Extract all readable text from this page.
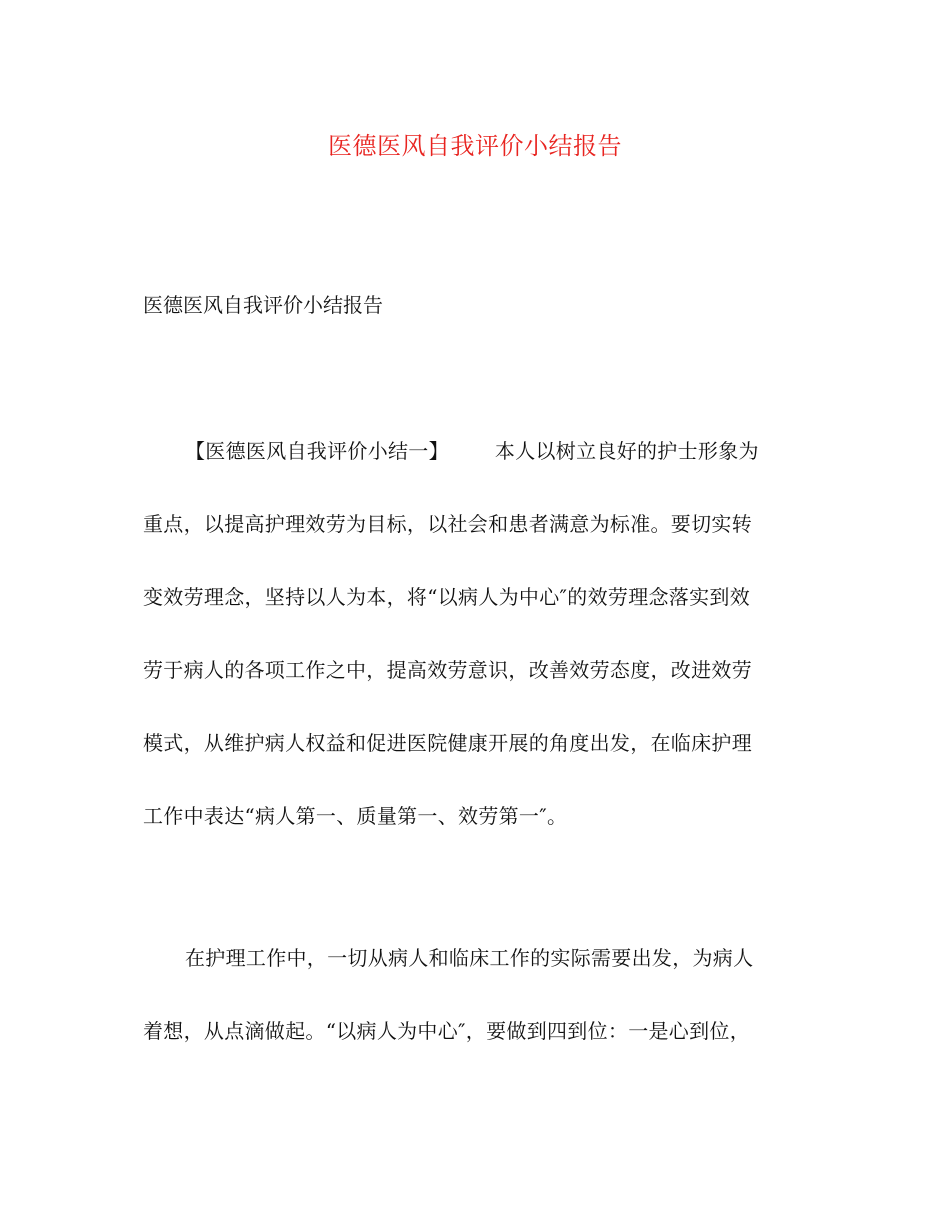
医德医风自我评价小结报告
医德医风自我评价小结报告
【医德医风自我评价小结一】 本人以树立良好的护士形象为
重点，以提高护理效劳为目标，以社会和患者满意为标准。要切实转
变效劳理念，坚持以人为本，将“以病人为中心″的效劳理念落实到效
劳于病人的各项工作之中，提高效劳意识，改善效劳态度，改进效劳
模式，从维护病人权益和促进医院健康开展的角度出发，在临床护理
工作中表达“病人第一、质量第一、效劳第一″。
在护理工作中，一切从病人和临床工作的实际需要出发，为病人
着想，从点滴做起。“以病人为中心″，要做到四到位：一是心到位，
